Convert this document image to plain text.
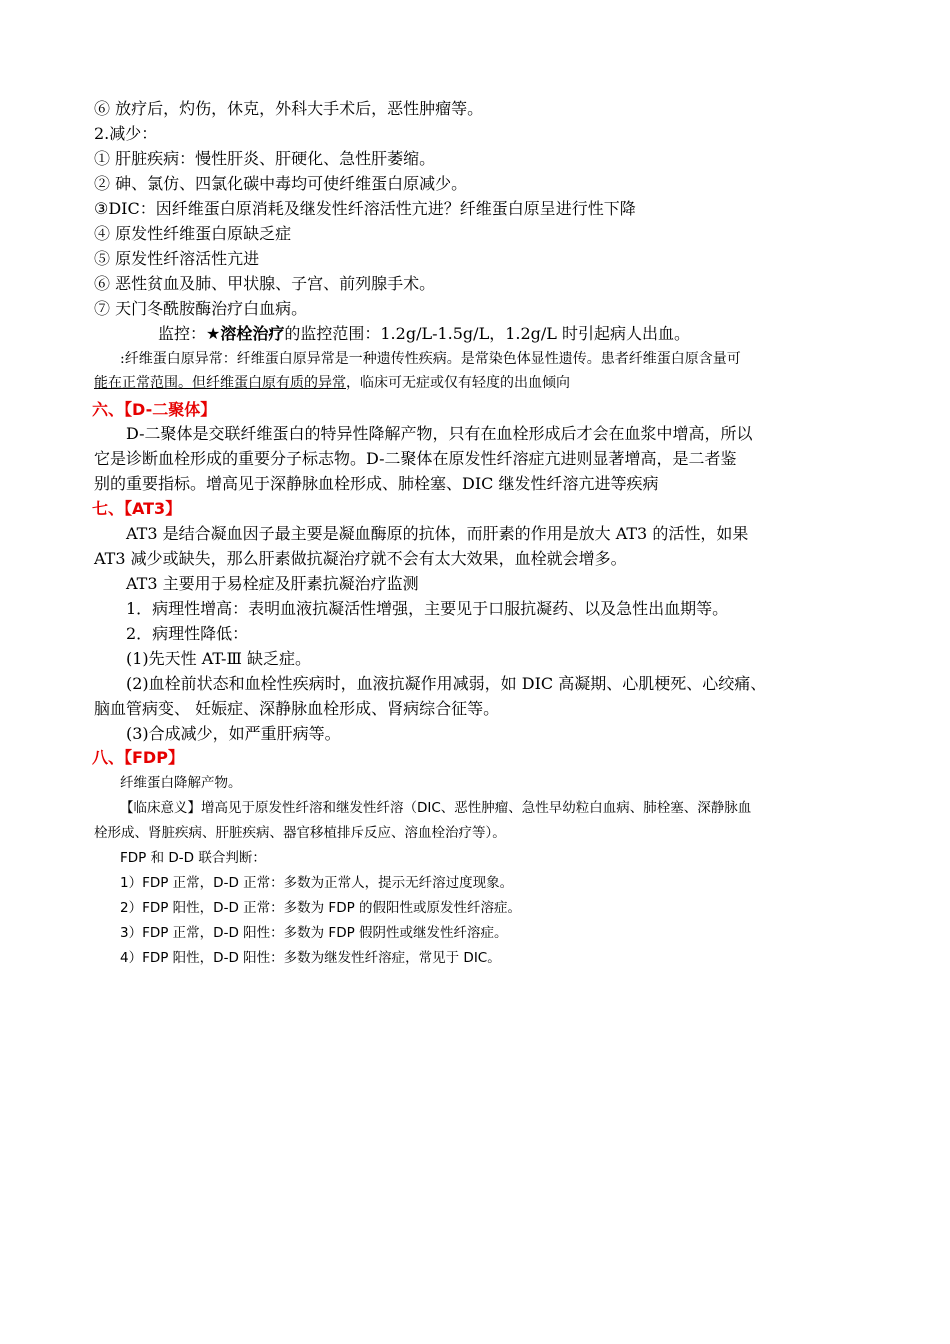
⑥ 放疗后，灼伤，休克，外科大手术后，恶性肿瘤等。
2.减少：
① 肝脏疾病：慢性肝炎、肝硬化、急性肝萎缩。
② 砷、氯仿、四氯化碳中毒均可使纤维蛋白原减少。
③DIC：因纤维蛋白原消耗及继发性纤溶活性亢进？纤维蛋白原呈进行性下降
④ 原发性纤维蛋白原缺乏症
⑤ 原发性纤溶活性亢进
⑥ 恶性贫血及肺、甲状腺、子宫、前列腺手术。
⑦ 天门冬酰胺酶治疗白血病。
监控：★溶栓治疗的监控范围：1.2g/L-1.5g/L，1.2g/L 时引起病人出血。
:纤维蛋白原异常：纤维蛋白原异常是一种遗传性疾病。是常染色体显性遗传。患者纤维蛋白原含量可
能在正常范围。但纤维蛋白原有质的异常，临床可无症或仅有轻度的出血倾向
六、【D-二聚体】
D-二聚体是交联纤维蛋白的特异性降解产物，只有在血栓形成后才会在血浆中增高，所以
它是诊断血栓形成的重要分子标志物。D-二聚体在原发性纤溶症亢进则显著增高，是二者鉴
别的重要指标。增高见于深静脉血栓形成、肺栓塞、DIC 继发性纤溶亢进等疾病
七、【AT3】
AT3 是结合凝血因子最主要是凝血酶原的抗体，而肝素的作用是放大 AT3 的活性，如果
AT3 减少或缺失，那么肝素做抗凝治疗就不会有太大效果，血栓就会增多。
AT3 主要用于易栓症及肝素抗凝治疗监测
1．病理性增高：表明血液抗凝活性增强，主要见于口服抗凝药、以及急性出血期等。
2．病理性降低：
(1)先天性 AT-Ⅲ 缺乏症。
(2)血栓前状态和血栓性疾病时，血液抗凝作用减弱，如 DIC 高凝期、心肌梗死、心绞痛、
脑血管病变、 妊娠症、深静脉血栓形成、肾病综合征等。
(3)合成减少，如严重肝病等。
八、【FDP】
纤维蛋白降解产物。
【临床意义】增高见于原发性纤溶和继发性纤溶（DIC、恶性肿瘤、急性早幼粒白血病、肺栓塞、深静脉血
栓形成、肾脏疾病、肝脏疾病、器官移植排斥反应、溶血栓治疗等）。
FDP 和 D-D 联合判断：
1）FDP 正常，D-D 正常：多数为正常人，提示无纤溶过度现象。
2）FDP 阳性，D-D 正常：多数为 FDP 的假阳性或原发性纤溶症。
3）FDP 正常，D-D 阳性：多数为 FDP 假阴性或继发性纤溶症。
4）FDP 阳性，D-D 阳性：多数为继发性纤溶症，常见于 DIC。
